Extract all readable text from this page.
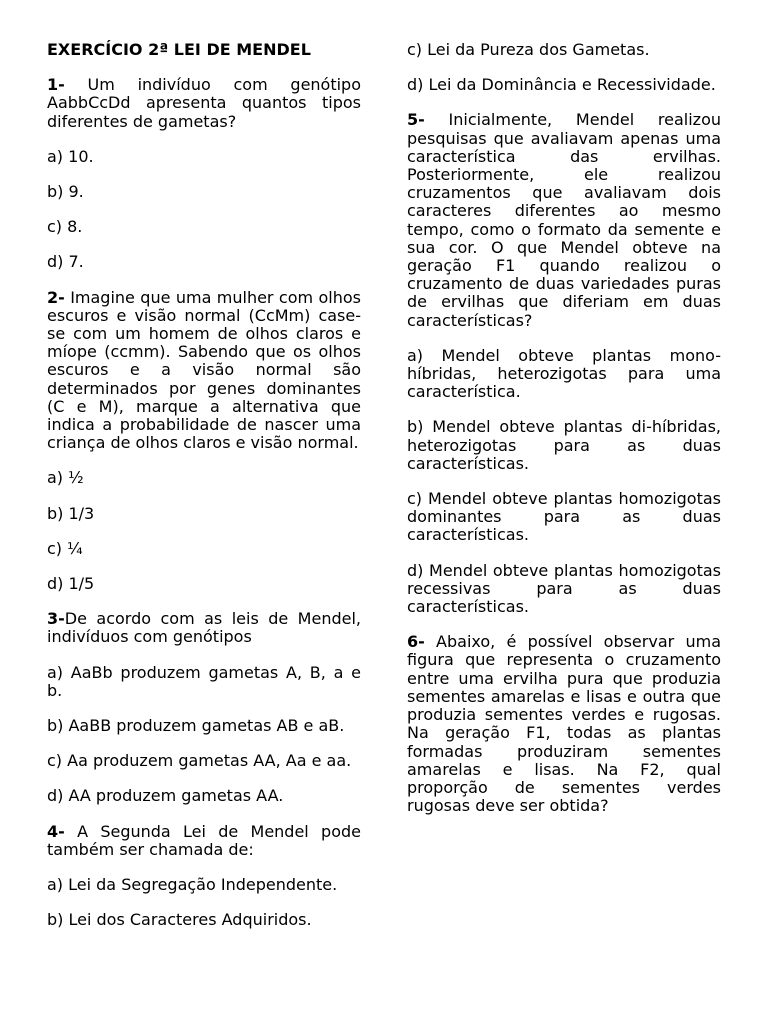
EXERCÍCIO 2ª LEI DE MENDEL

1- Um indivíduo com genótipo AabbCcDd apresenta quantos tipos diferentes de gametas?

a) 10.

b) 9.

c) 8.

d) 7.

2- Imagine que uma mulher com olhos escuros e visão normal (CcMm) case-se com um homem de olhos claros e míope (ccmm). Sabendo que os olhos escuros e a visão normal são determinados por genes dominantes (C e M), marque a alternativa que indica a probabilidade de nascer uma criança de olhos claros e visão normal.

a) ½

b) 1/3

c) ¼

d) 1/5

3-De acordo com as leis de Mendel, indivíduos com genótipos

a) AaBb produzem gametas A, B, a e b.

b) AaBB produzem gametas AB e aB.

c) Aa produzem gametas AA, Aa e aa.

d) AA produzem gametas AA.

4- A Segunda Lei de Mendel pode também ser chamada de:

a) Lei da Segregação Independente.

b) Lei dos Caracteres Adquiridos.

c) Lei da Pureza dos Gametas.

d) Lei da Dominância e Recessividade.

5- Inicialmente, Mendel realizou pesquisas que avaliavam apenas uma característica das ervilhas. Posteriormente, ele realizou cruzamentos que avaliavam dois caracteres diferentes ao mesmo tempo, como o formato da semente e sua cor. O que Mendel obteve na geração F1 quando realizou o cruzamento de duas variedades puras de ervilhas que diferiam em duas características?

a) Mendel obteve plantas mono-híbridas, heterozigotas para uma característica.

b) Mendel obteve plantas di-híbridas, heterozigotas para as duas características.

c) Mendel obteve plantas homozigotas dominantes para as duas características.

d) Mendel obteve plantas homozigotas recessivas para as duas características.

6- Abaixo, é possível observar uma figura que representa o cruzamento entre uma ervilha pura que produzia sementes amarelas e lisas e outra que produzia sementes verdes e rugosas. Na geração F1, todas as plantas formadas produziram sementes amarelas e lisas. Na F2, qual proporção de sementes verdes rugosas deve ser obtida?
